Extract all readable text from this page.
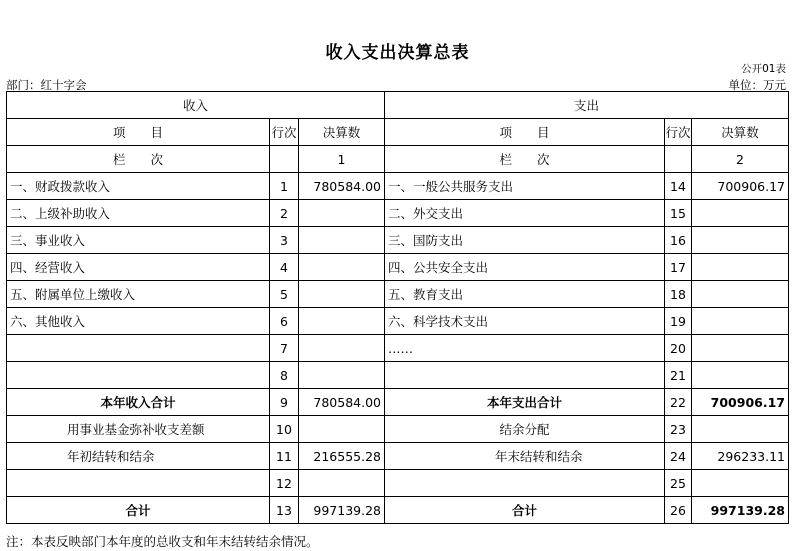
收入支出决算总表
公开01表
部门：红十字会	单位：万元
收入			支出		
项　　目	行次	决算数	项　　目	行次	决算数
栏　　次		1	栏　　次		2
一、财政拨款收入	1	780584.00	一、一般公共服务支出	14	700906.17
二、上级补助收入	2		二、外交支出	15	
三、事业收入	3		三、国防支出	16	
四、经营收入	4		四、公共安全支出	17	
五、附属单位上缴收入	5		五、教育支出	18	
六、其他收入	6		六、科学技术支出	19	
	7		……	20	
	8			21	
本年收入合计	9	780584.00	本年支出合计	22	700906.17
用事业基金弥补收支差额	10		结余分配	23	
年初结转和结余	11	216555.28	年末结转和结余	24	296233.11
	12			25	
合计	13	997139.28	合计	26	997139.28
注：本表反映部门本年度的总收支和年末结转结余情况。
